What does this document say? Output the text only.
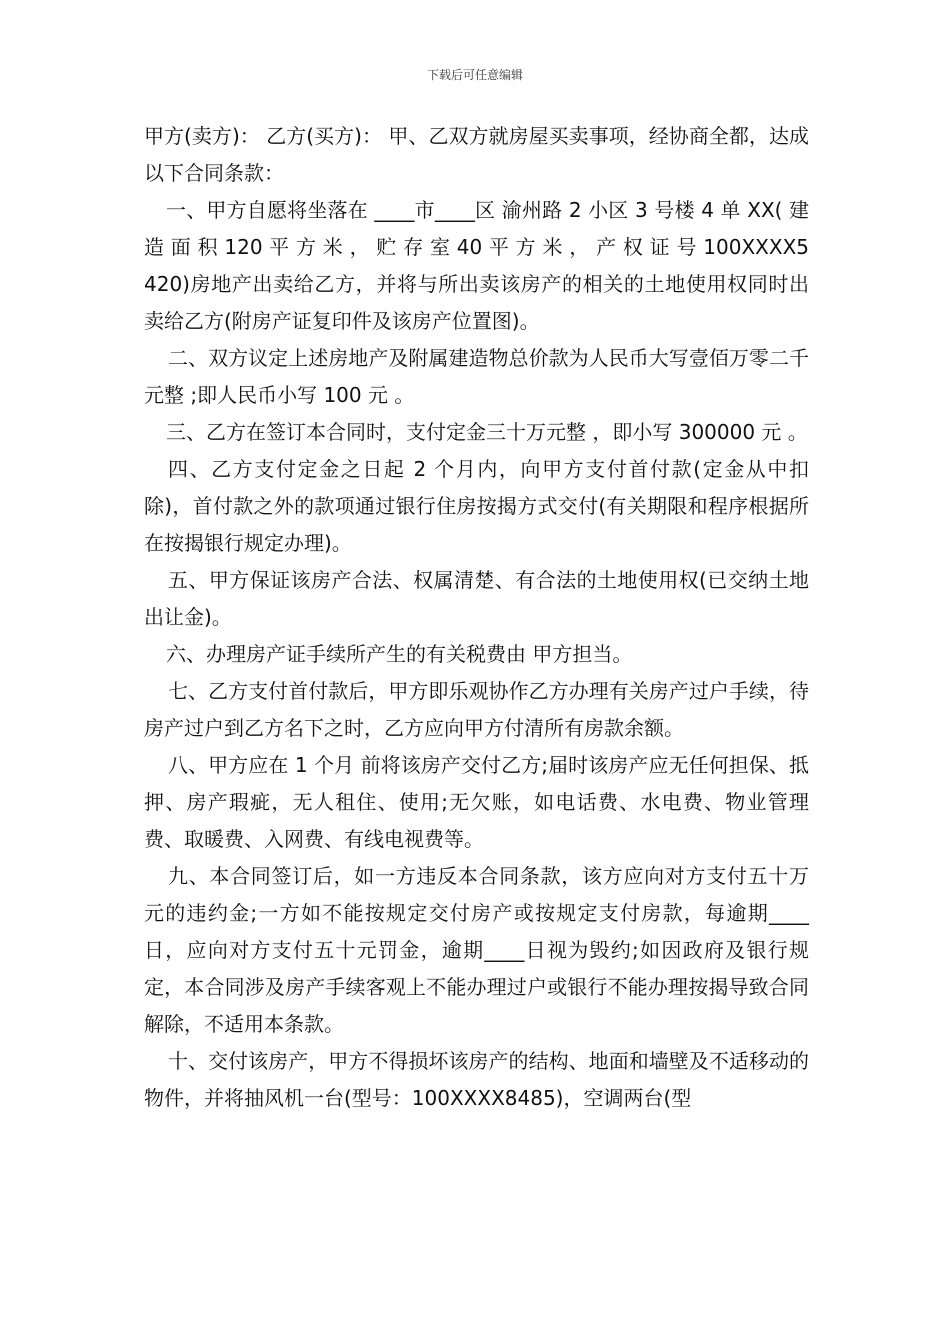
下载后可任意编辑

甲方(卖方)： 乙方(买方)： 甲、乙双方就房屋买卖事项，经协商全都，达成以下合同条款：

一、甲方自愿将坐落在 ____市____区 渝州路 2 小区 3 号楼 4 单 XX( 建 造 面 积 120 平 方 米 ， 贮 存 室 40 平 方 米 ， 产 权 证 号 100XXXX5420)房地产出卖给乙方，并将与所出卖该房产的相关的土地使用权同时出卖给乙方(附房产证复印件及该房产位置图)。

二、双方议定上述房地产及附属建造物总价款为人民币大写壹佰万零二千元整 ;即人民币小写 100 元 。

三、乙方在签订本合同时，支付定金三十万元整 ，即小写 300000 元 。

四、乙方支付定金之日起 2 个月内，向甲方支付首付款(定金从中扣除)，首付款之外的款项通过银行住房按揭方式交付(有关期限和程序根据所在按揭银行规定办理)。

五、甲方保证该房产合法、权属清楚、有合法的土地使用权(已交纳土地出让金)。

六、办理房产证手续所产生的有关税费由 甲方担当。

七、乙方支付首付款后，甲方即乐观协作乙方办理有关房产过户手续，待房产过户到乙方名下之时，乙方应向甲方付清所有房款余额。

八、甲方应在 1 个月 前将该房产交付乙方;届时该房产应无任何担保、抵押、房产瑕疵，无人租住、使用;无欠账，如电话费、水电费、物业管理费、取暖费、入网费、有线电视费等。

九、本合同签订后，如一方违反本合同条款，该方应向对方支付五十万 元的违约金;一方如不能按规定交付房产或按规定支付房款，每逾期____日，应向对方支付五十元罚金，逾期____日视为毁约;如因政府及银行规定，本合同涉及房产手续客观上不能办理过户或银行不能办理按揭导致合同解除，不适用本条款。

十、交付该房产，甲方不得损坏该房产的结构、地面和墙壁及不适移动的物件，并将抽风机一台(型号：100XXXX8485)，空调两台(型
